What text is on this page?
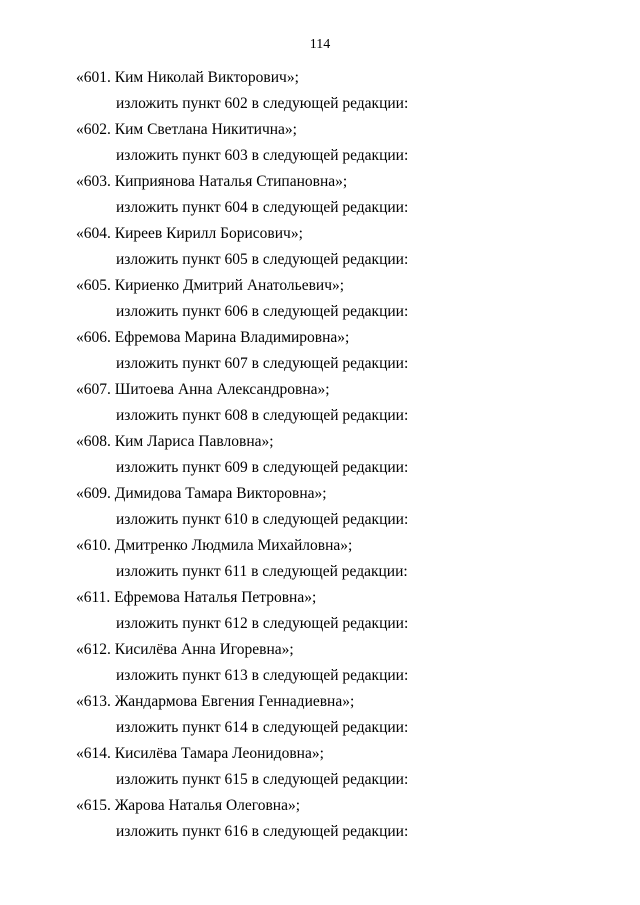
114
«601. Ким Николай Викторович»;
изложить пункт 602 в следующей редакции:
«602. Ким Светлана Никитична»;
изложить пункт 603 в следующей редакции:
«603. Киприянова Наталья Стипановна»;
изложить пункт 604 в следующей редакции:
«604. Киреев Кирилл Борисович»;
изложить пункт 605 в следующей редакции:
«605. Кириенко Дмитрий Анатольевич»;
изложить пункт 606 в следующей редакции:
«606. Ефремова Марина Владимировна»;
изложить пункт 607 в следующей редакции:
«607. Шитоева Анна Александровна»;
изложить пункт 608 в следующей редакции:
«608. Ким Лариса Павловна»;
изложить пункт 609 в следующей редакции:
«609. Димидова Тамара Викторовна»;
изложить пункт 610 в следующей редакции:
«610. Дмитренко Людмила Михайловна»;
изложить пункт 611 в следующей редакции:
«611. Ефремова Наталья Петровна»;
изложить пункт 612 в следующей редакции:
«612. Кисилёва Анна Игоревна»;
изложить пункт 613 в следующей редакции:
«613. Жандармова Евгения Геннадиевна»;
изложить пункт 614 в следующей редакции:
«614. Кисилёва Тамара Леонидовна»;
изложить пункт 615 в следующей редакции:
«615. Жарова Наталья Олеговна»;
изложить пункт 616 в следующей редакции:
